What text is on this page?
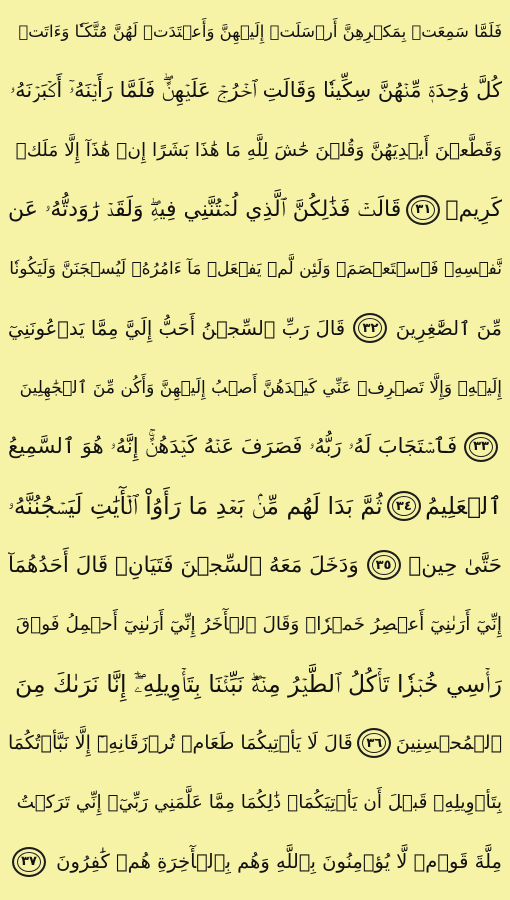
فَلَمَّا سَمِعَتۡ بِمَكۡرِهِنَّ أَرۡسَلَتۡ إِلَيۡهِنَّ وَأَعۡتَدَتۡ لَهُنَّ مُتَّكَـٔٗا وَءَاتَتۡ
كُلَّ وَٰحِدَةٖ مِّنۡهُنَّ سِكِّينٗا وَقَالَتِ ٱخۡرُجۡ عَلَيۡهِنَّۖ فَلَمَّا رَأَيۡنَهُۥٓ أَكۡبَرۡنَهُۥ
وَقَطَّعۡنَ أَيۡدِيَهُنَّ وَقُلۡنَ حَٰشَ لِلَّهِ مَا هَٰذَا بَشَرًا إِنۡ هَٰذَآ إِلَّا مَلَكٞ
كَرِيمٞ
٣١
قَالَتۡ فَذَٰلِكُنَّ ٱلَّذِي لُمۡتُنَّنِي فِيهِۖ وَلَقَدۡ رَٰوَدتُّهُۥ عَن
نَّفۡسِهِۦ فَٱسۡتَعۡصَمَۖ وَلَئِن لَّمۡ يَفۡعَلۡ مَآ ءَامُرُهُۥ لَيُسۡجَنَنَّ وَلَيَكُونٗا
مِّنَ ٱلصَّٰغِرِينَ
٣٢
قَالَ رَبِّ ٱلسِّجۡنُ أَحَبُّ إِلَيَّ مِمَّا يَدۡعُونَنِيٓ
إِلَيۡهِۖ وَإِلَّا تَصۡرِفۡ عَنِّي كَيۡدَهُنَّ أَصۡبُ إِلَيۡهِنَّ وَأَكُن مِّنَ ٱلۡجَٰهِلِينَ
٣٣
فَٱسۡتَجَابَ لَهُۥ رَبُّهُۥ فَصَرَفَ عَنۡهُ كَيۡدَهُنَّۚ إِنَّهُۥ هُوَ ٱلسَّمِيعُ
ٱلۡعَلِيمُ
٣٤
ثُمَّ بَدَا لَهُم مِّنۢ بَعۡدِ مَا رَأَوُاْ ٱلۡأٓيَٰتِ لَيَسۡجُنُنَّهُۥ
حَتَّىٰ حِينٖ
٣٥
وَدَخَلَ مَعَهُ ٱلسِّجۡنَ فَتَيَانِۖ قَالَ أَحَدُهُمَآ
إِنِّيٓ أَرَىٰنِيٓ أَعۡصِرُ خَمۡرٗاۖ وَقَالَ ٱلۡأٓخَرُ إِنِّيٓ أَرَىٰنِيٓ أَحۡمِلُ فَوۡقَ
رَأۡسِي خُبۡزٗا تَأۡكُلُ ٱلطَّيۡرُ مِنۡهُۖ نَبِّئۡنَا بِتَأۡوِيلِهِۦٓۖ إِنَّا نَرَىٰكَ مِنَ
ٱلۡمُحۡسِنِينَ
٣٦
قَالَ لَا يَأۡتِيكُمَا طَعَامٞ تُرۡزَقَانِهِۦٓ إِلَّا نَبَّأۡتُكُمَا
بِتَأۡوِيلِهِۦ قَبۡلَ أَن يَأۡتِيَكُمَاۚ ذَٰلِكُمَا مِمَّا عَلَّمَنِي رَبِّيٓۚ إِنِّي تَرَكۡتُ
مِلَّةَ قَوۡمٖ لَّا يُؤۡمِنُونَ بِٱللَّهِ وَهُم بِٱلۡأٓخِرَةِ هُمۡ كَٰفِرُونَ
٣٧
